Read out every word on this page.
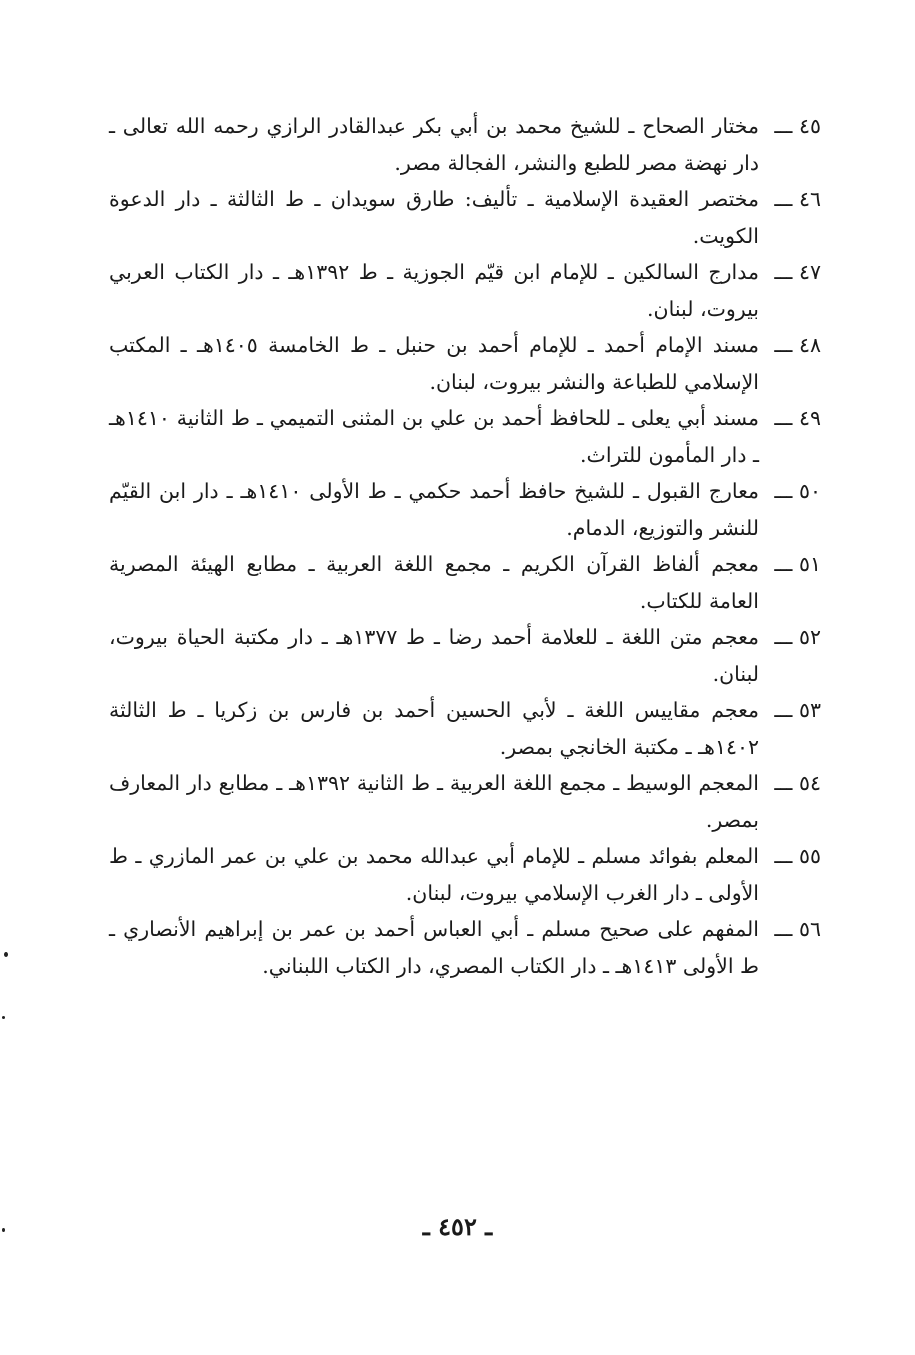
٤٥ ـــ
مختار الصحاح ـ للشيخ محمد بن أبي بكر عبدالقادر الرازي رحمه الله تعالى ـ دار نهضة مصر للطبع والنشر، الفجالة مصر.
٤٦ ـــ
مختصر العقيدة الإسلامية ـ تأليف: طارق سويدان ـ ط الثالثة ـ دار الدعوة الكويت.
٤٧ ـــ
مدارج السالكين ـ للإمام ابن قيّم الجوزية ـ ط ١٣٩٢هـ ـ دار الكتاب العربي بيروت، لبنان.
٤٨ ـــ
مسند الإمام أحمد ـ للإمام أحمد بن حنبل ـ ط الخامسة ١٤٠٥هـ ـ المكتب الإسلامي للطباعة والنشر بيروت، لبنان.
٤٩ ـــ
مسند أبي يعلى ـ للحافظ أحمد بن علي بن المثنى التميمي ـ ط الثانية ١٤١٠هـ ـ دار المأمون للتراث.
٥٠ ـــ
معارج القبول ـ للشيخ حافظ أحمد حكمي ـ ط الأولى ١٤١٠هـ ـ دار ابن القيّم للنشر والتوزيع، الدمام.
٥١ ـــ
معجم ألفاظ القرآن الكريم ـ مجمع اللغة العربية ـ مطابع الهيئة المصرية العامة للكتاب.
٥٢ ـــ
معجم متن اللغة ـ للعلامة أحمد رضا ـ ط ١٣٧٧هـ ـ دار مكتبة الحياة بيروت، لبنان.
٥٣ ـــ
معجم مقاييس اللغة ـ لأبي الحسين أحمد بن فارس بن زكريا ـ ط الثالثة ١٤٠٢هـ ـ مكتبة الخانجي بمصر.
٥٤ ـــ
المعجم الوسيط ـ مجمع اللغة العربية ـ ط الثانية ١٣٩٢هـ ـ مطابع دار المعارف بمصر.
٥٥ ـــ
المعلم بفوائد مسلم ـ للإمام أبي عبدالله محمد بن علي بن عمر المازري ـ ط الأولى ـ دار الغرب الإسلامي بيروت، لبنان.
٥٦ ـــ
المفهم على صحيح مسلم ـ أبي العباس أحمد بن عمر بن إبراهيم الأنصاري ـ ط الأولى ١٤١٣هـ ـ دار الكتاب المصري، دار الكتاب اللبناني.
ـ ٤٥٢ ـ
